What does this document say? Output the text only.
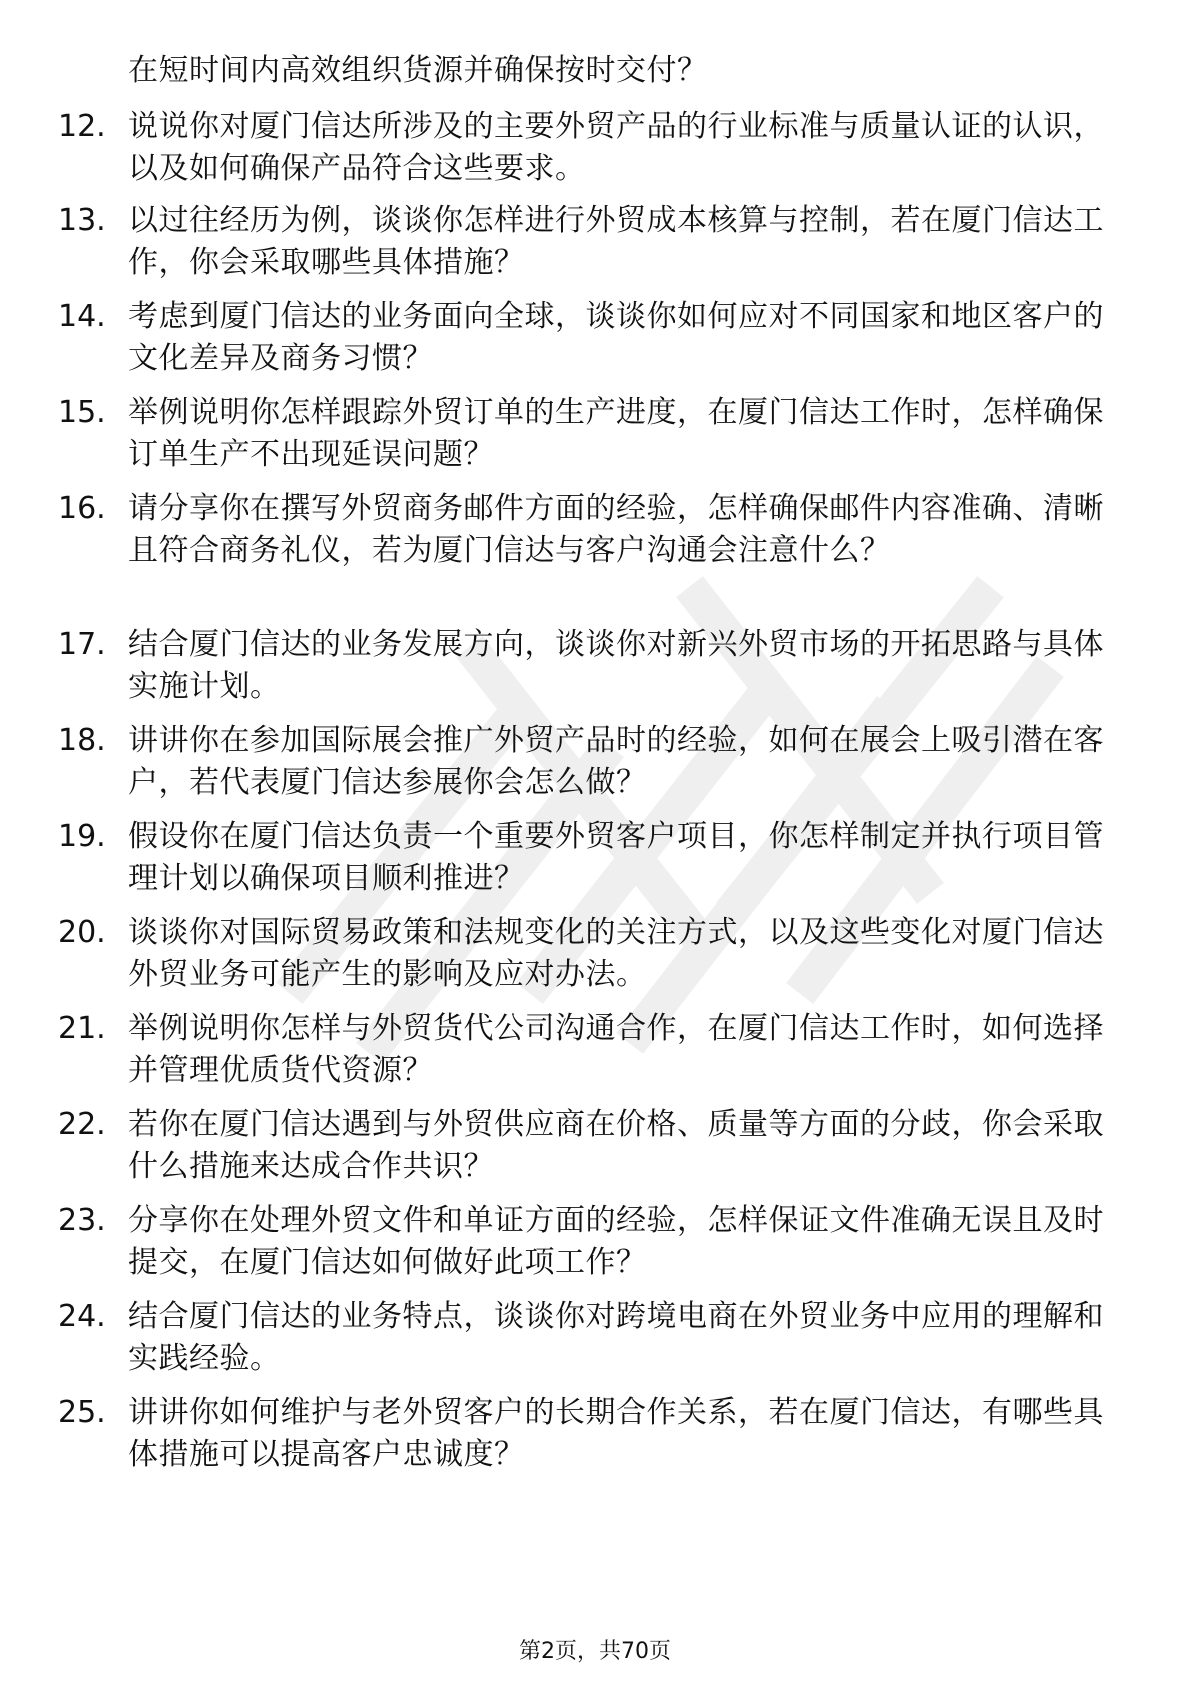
在短时间内高效组织货源并确保按时交付？
12. 说说你对厦门信达所涉及的主要外贸产品的行业标准与质量认证的认识，以及如何确保产品符合这些要求。
13. 以过往经历为例，谈谈你怎样进行外贸成本核算与控制，若在厦门信达工作，你会采取哪些具体措施？
14. 考虑到厦门信达的业务面向全球，谈谈你如何应对不同国家和地区客户的文化差异及商务习惯？
15. 举例说明你怎样跟踪外贸订单的生产进度，在厦门信达工作时，怎样确保订单生产不出现延误问题？
16. 请分享你在撰写外贸商务邮件方面的经验，怎样确保邮件内容准确、清晰且符合商务礼仪，若为厦门信达与客户沟通会注意什么？
17. 结合厦门信达的业务发展方向，谈谈你对新兴外贸市场的开拓思路与具体实施计划。
18. 讲讲你在参加国际展会推广外贸产品时的经验，如何在展会上吸引潜在客户，若代表厦门信达参展你会怎么做？
19. 假设你在厦门信达负责一个重要外贸客户项目，你怎样制定并执行项目管理计划以确保项目顺利推进？
20. 谈谈你对国际贸易政策和法规变化的关注方式，以及这些变化对厦门信达外贸业务可能产生的影响及应对办法。
21. 举例说明你怎样与外贸货代公司沟通合作，在厦门信达工作时，如何选择并管理优质货代资源？
22. 若你在厦门信达遇到与外贸供应商在价格、质量等方面的分歧，你会采取什么措施来达成合作共识？
23. 分享你在处理外贸文件和单证方面的经验，怎样保证文件准确无误且及时提交，在厦门信达如何做好此项工作？
24. 结合厦门信达的业务特点，谈谈你对跨境电商在外贸业务中应用的理解和实践经验。
25. 讲讲你如何维护与老外贸客户的长期合作关系，若在厦门信达，有哪些具体措施可以提高客户忠诚度？
第2页，共70页
